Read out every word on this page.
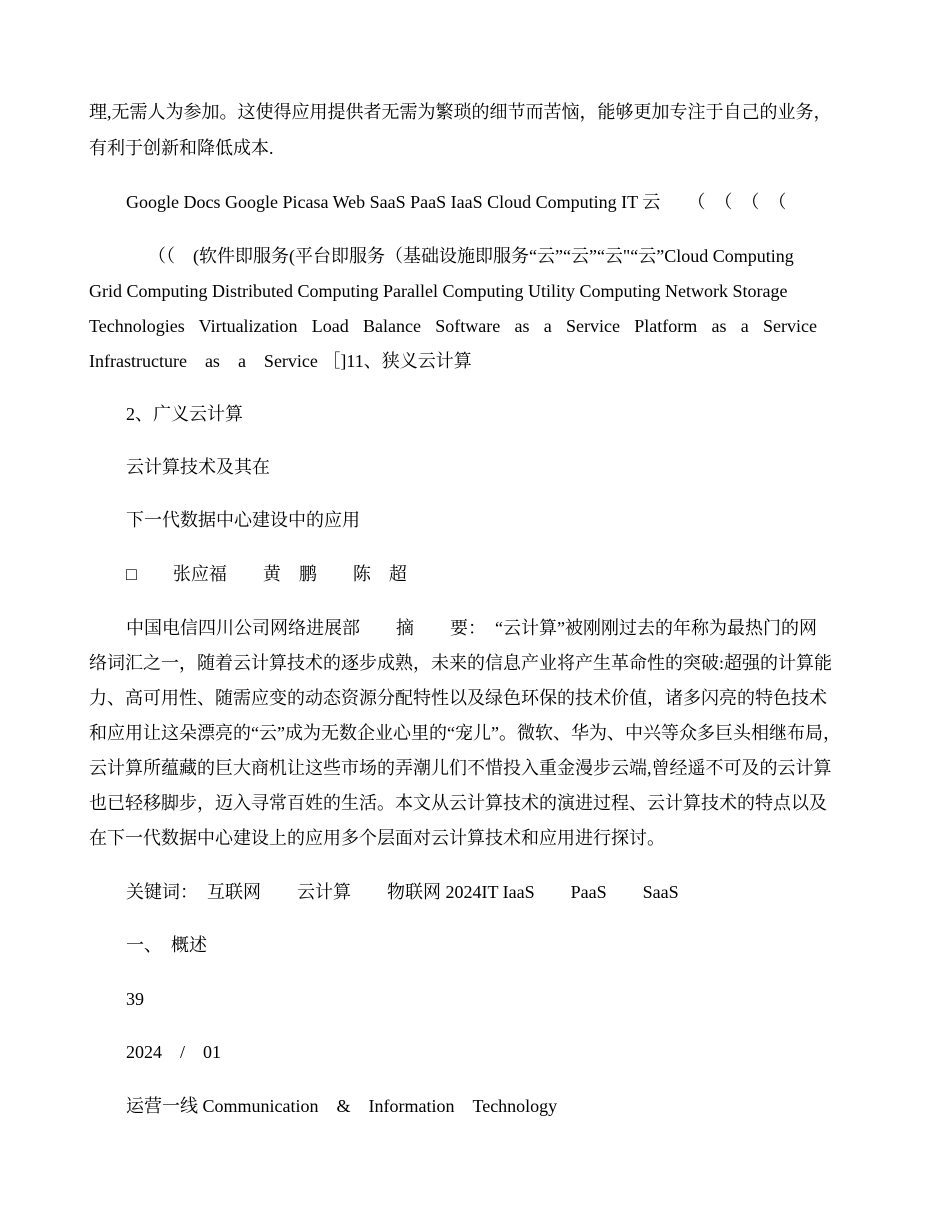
理,无需人为参加。这使得应用提供者无需为繁琐的细节而苦恼，能够更加专注于自己的业务，
有利于创新和降低成本.
Google Docs Google Picasa Web SaaS PaaS IaaS Cloud Computing IT 云　　（　（　（　（
（（　(软件即服务(平台即服务（基础设施即服务“云”“云”“云"“云”Cloud Computing
Grid Computing Distributed Computing Parallel Computing Utility Computing Network Storage
Technologies Virtualization Load Balance Software as a Service Platform as a Service
Infrastructure　as　a　Service ［]11、狭义云计算
2、广义云计算
云计算技术及其在
下一代数据中心建设中的应用
□　　张应福　　黄　鹏　　陈　超
中国电信四川公司网络进展部　　摘　　要：　“云计算”被刚刚过去的年称为最热门的网
络词汇之一，随着云计算技术的逐步成熟，未来的信息产业将产生革命性的突破:超强的计算能
力、高可用性、随需应变的动态资源分配特性以及绿色环保的技术价值，诸多闪亮的特色技术
和应用让这朵漂亮的“云”成为无数企业心里的“宠儿”。微软、华为、中兴等众多巨头相继布局，
云计算所蕴藏的巨大商机让这些市场的弄潮儿们不惜投入重金漫步云端,曾经遥不可及的云计算
也已轻移脚步，迈入寻常百姓的生活。本文从云计算技术的演进过程、云计算技术的特点以及
在下一代数据中心建设上的应用多个层面对云计算技术和应用进行探讨。
关键词：　互联网　　云计算　　物联网 2024IT IaaS　　PaaS　　SaaS
一、　概述
39
2024　/　01
运营一线 Communication　&　Information　Technology
